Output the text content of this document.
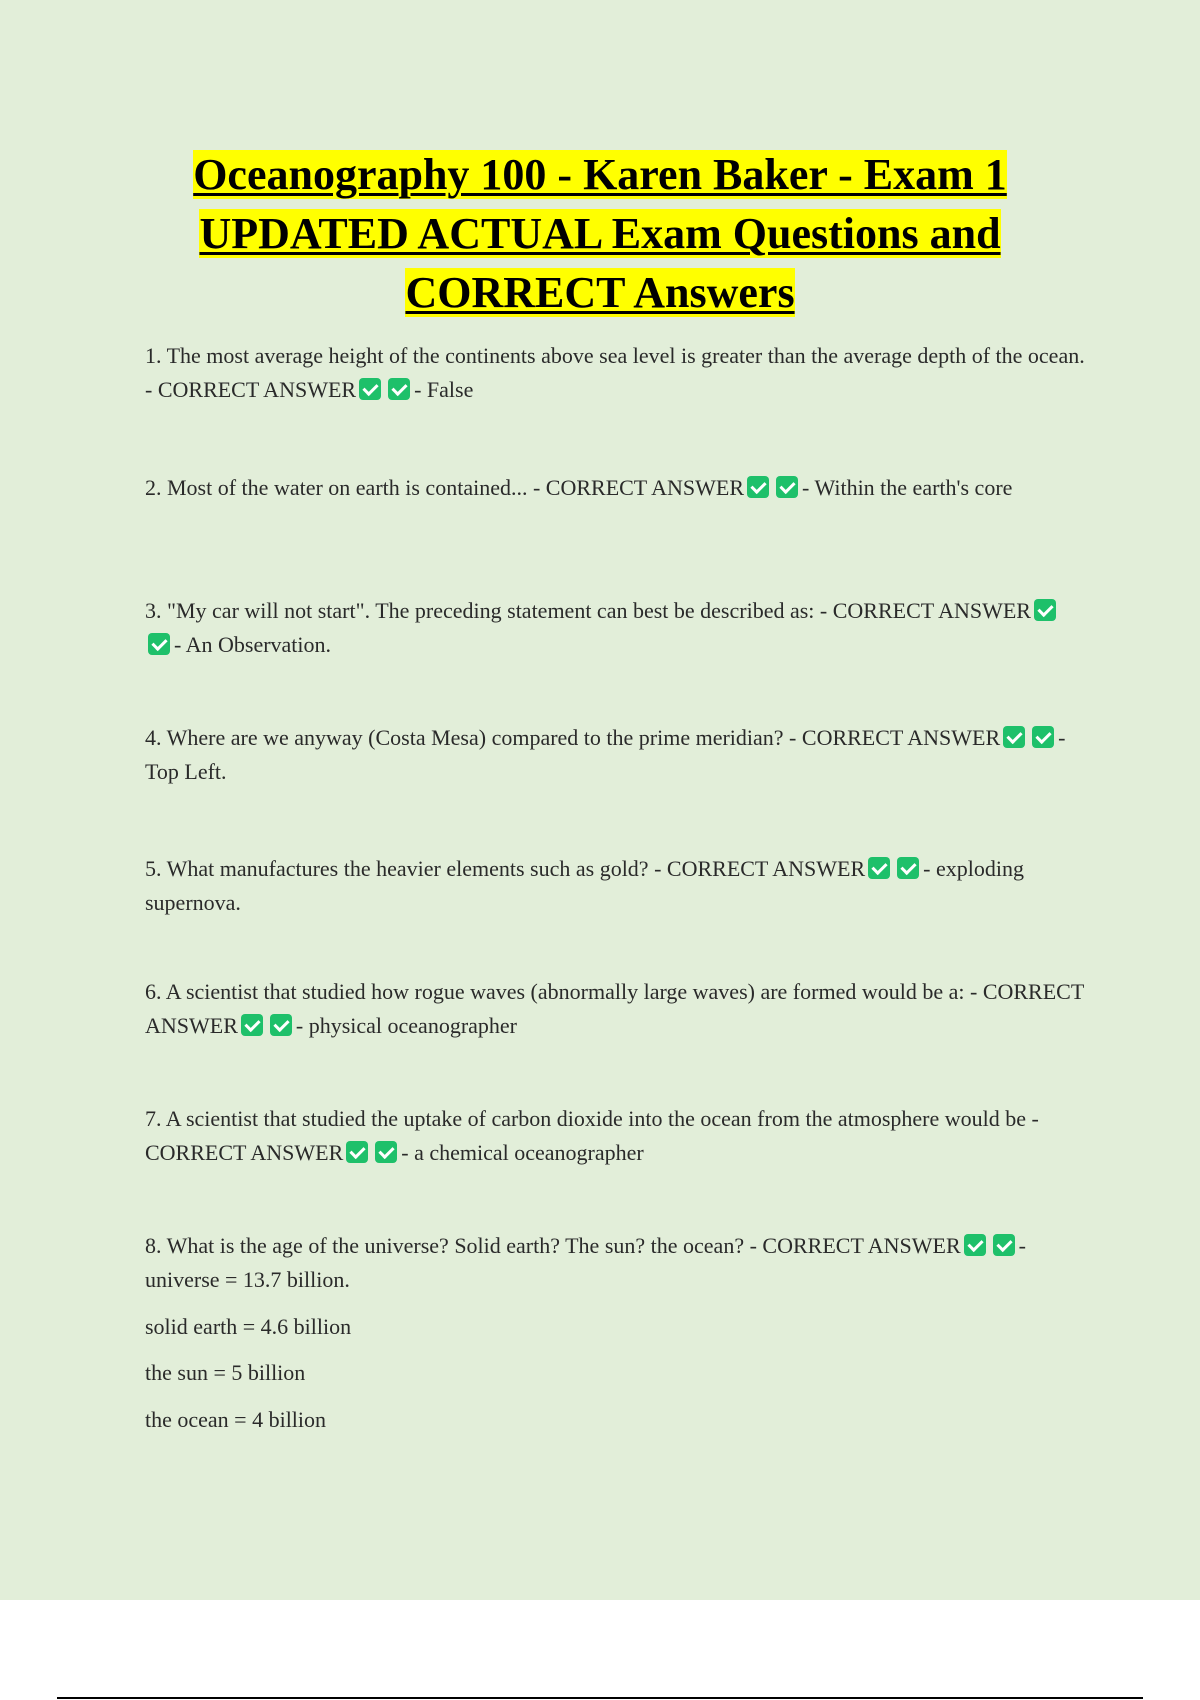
Oceanography 100 - Karen Baker - Exam 1
UPDATED ACTUAL Exam Questions and
CORRECT Answers

1. The most average height of the continents above sea level is greater than the average depth of the ocean. - CORRECT ANSWER	- False

2. Most of the water on earth is contained... - CORRECT ANSWER	- Within the earth's core

3. "My car will not start". The preceding statement can best be described as: - CORRECT ANSWER- An Observation.

4. Where are we anyway (Costa Mesa) compared to the prime meridian? - CORRECT ANSWER	- Top Left.

5. What manufactures the heavier elements such as gold? - CORRECT ANSWER	- exploding supernova.

6. A scientist that studied how rogue waves (abnormally large waves) are formed would be a: - CORRECT ANSWER	- physical oceanographer

7. A scientist that studied the uptake of carbon dioxide into the ocean from the atmosphere would be - CORRECT ANSWER	- a chemical oceanographer

8. What is the age of the universe? Solid earth? The sun? the ocean? - CORRECT ANSWER	- universe = 13.7 billion.

solid earth = 4.6 billion

the sun = 5 billion

the ocean = 4 billion
